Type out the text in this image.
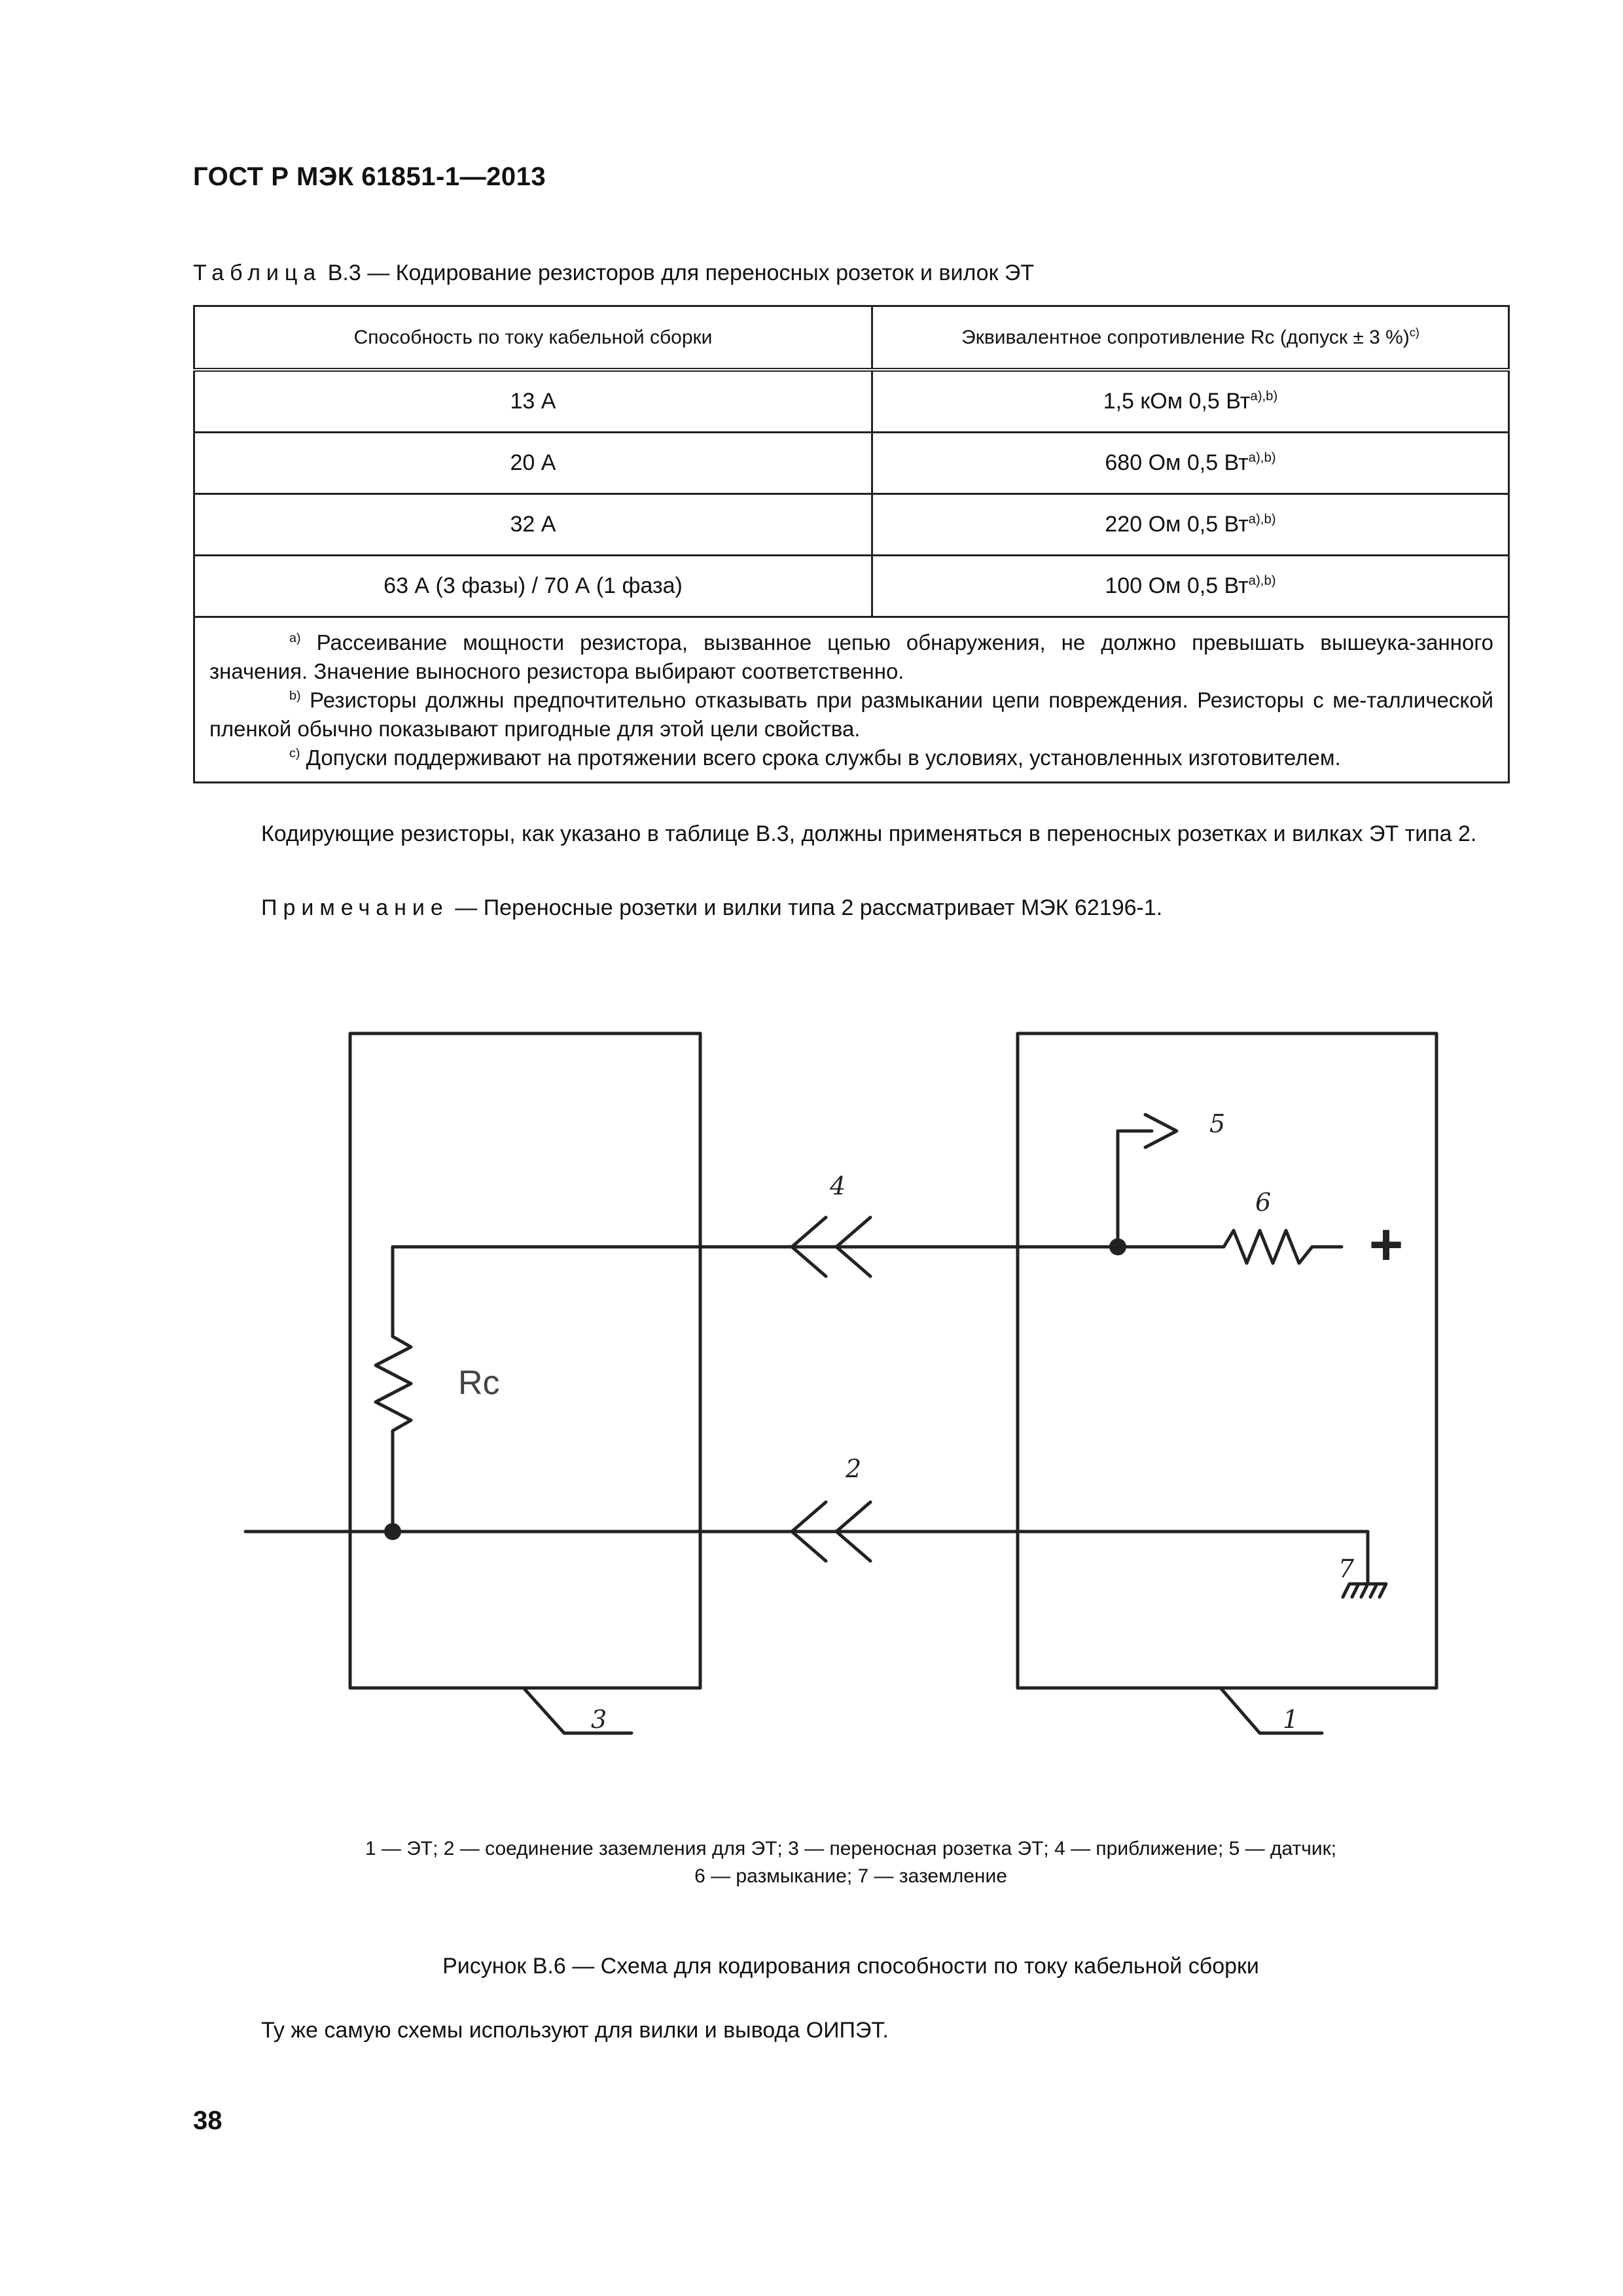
ГОСТ Р МЭК 61851-1—2013
Таблица В.3 — Кодирование резисторов для переносных розеток и вилок ЭТ
Способность по току кабельной сборки	Эквивалентное сопротивление Rc (допуск ± 3 %)$^{c)}$
13 А	1,5 кОм 0,5 $Вт^{a),b)}$
20 А	680 Ом 0,5 $Вт^{a),b)}$
32 А	220 Ом 0,5 $Вт^{a),b)}$
63 А (3 фазы) / 70 А (1 фаза)	100 Ом 0,5 $Вт^{a),b)}$

$^{a)}$ Рассеивание мощности резистора, вызванное цепью обнаружения, не должно превышать вышеука-занного значения. Значение выносного резистора выбирают соответственно.
$^{b)}$ Резисторы должны предпочтительно отказывать при размыкании цепи повреждения. Резисторы с ме-таллической пленкой обычно показывают пригодные для этой цели свойства.
$^{c)}$ Допуски поддерживают на протяжении всего срока службы в условиях, установленных изготовителем.	
Кодирующие резисторы, как указано в таблице В.3, должны применяться в переносных розетках и вилках ЭТ типа 2.
Примечание — Переносные розетки и вилки типа 2 рассматривает МЭК 62196-1.
+
Rc
1
2
3
4
5
6
7
1 — ЭТ; 2 — соединение заземления для ЭТ; 3 — переносная розетка ЭТ; 4 — приближение; 5 — датчик;
6 — размыкание; 7 — заземление
Рисунок В.6 — Схема для кодирования способности по току кабельной сборки
Ту же самую схемы используют для вилки и вывода ОИПЭТ.
38
